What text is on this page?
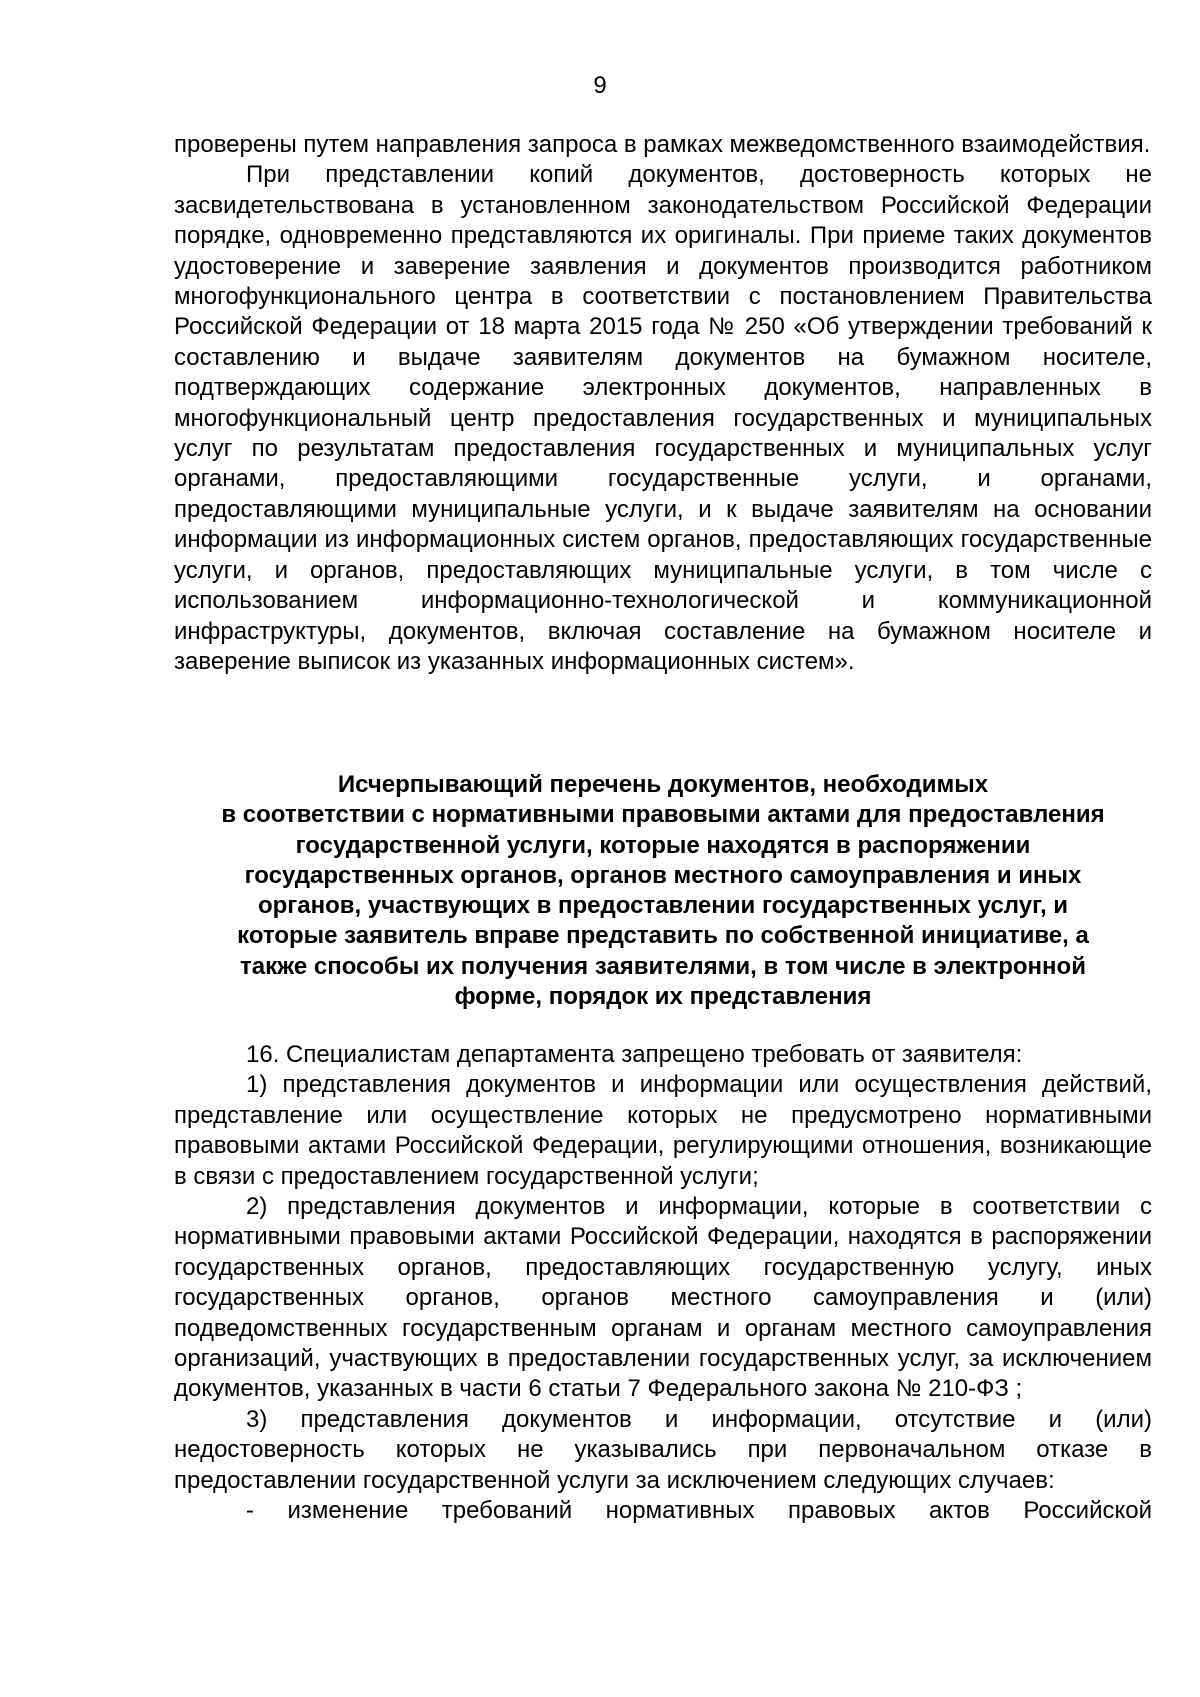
9

проверены путем направления запроса в рамках межведомственного взаимодействия.

При представлении копий документов, достоверность которых не засвидетельствована в установленном законодательством Российской Федерации порядке, одновременно представляются их оригиналы. При приеме таких документов удостоверение и заверение заявления и документов производится работником многофункционального центра в соответствии с постановлением Правительства Российской Федерации от 18 марта 2015 года № 250 «Об утверждении требований к составлению и выдаче заявителям документов на бумажном носителе, подтверждающих содержание электронных документов, направленных в многофункциональный центр предоставления государственных и муниципальных услуг по результатам предоставления государственных и муниципальных услуг органами, предоставляющими государственные услуги, и органами, предоставляющими муниципальные услуги, и к выдаче заявителям на основании информации из информационных систем органов, предоставляющих государственные услуги, и органов, предоставляющих муниципальные услуги, в том числе с использованием информационно-технологической и коммуникационной инфраструктуры, документов, включая составление на бумажном носителе и заверение выписок из указанных информационных систем».

Исчерпывающий перечень документов, необходимых
в соответствии с нормативными правовыми актами для предоставления
государственной услуги, которые находятся в распоряжении
государственных органов, органов местного самоуправления и иных
органов, участвующих в предоставлении государственных услуг, и
которые заявитель вправе представить по собственной инициативе, а
также способы их получения заявителями, в том числе в электронной
форме, порядок их представления

16. Специалистам департамента запрещено требовать от заявителя:

1) представления документов и информации или осуществления действий, представление или осуществление которых не предусмотрено нормативными правовыми актами Российской Федерации, регулирующими отношения, возникающие в связи с предоставлением государственной услуги;

2) представления документов и информации, которые в соответствии с нормативными правовыми актами Российской Федерации, находятся в распоряжении государственных органов, предоставляющих государственную услугу, иных государственных органов, органов местного самоуправления и (или) подведомственных государственным органам и органам местного самоуправления организаций, участвующих в предоставлении государственных услуг, за исключением документов, указанных в части 6 статьи 7 Федерального закона № 210-ФЗ ;

3) представления документов и информации, отсутствие и (или) недостоверность которых не указывались при первоначальном отказе в предоставлении государственной услуги за исключением следующих случаев:

- изменение требований нормативных правовых актов Российской
